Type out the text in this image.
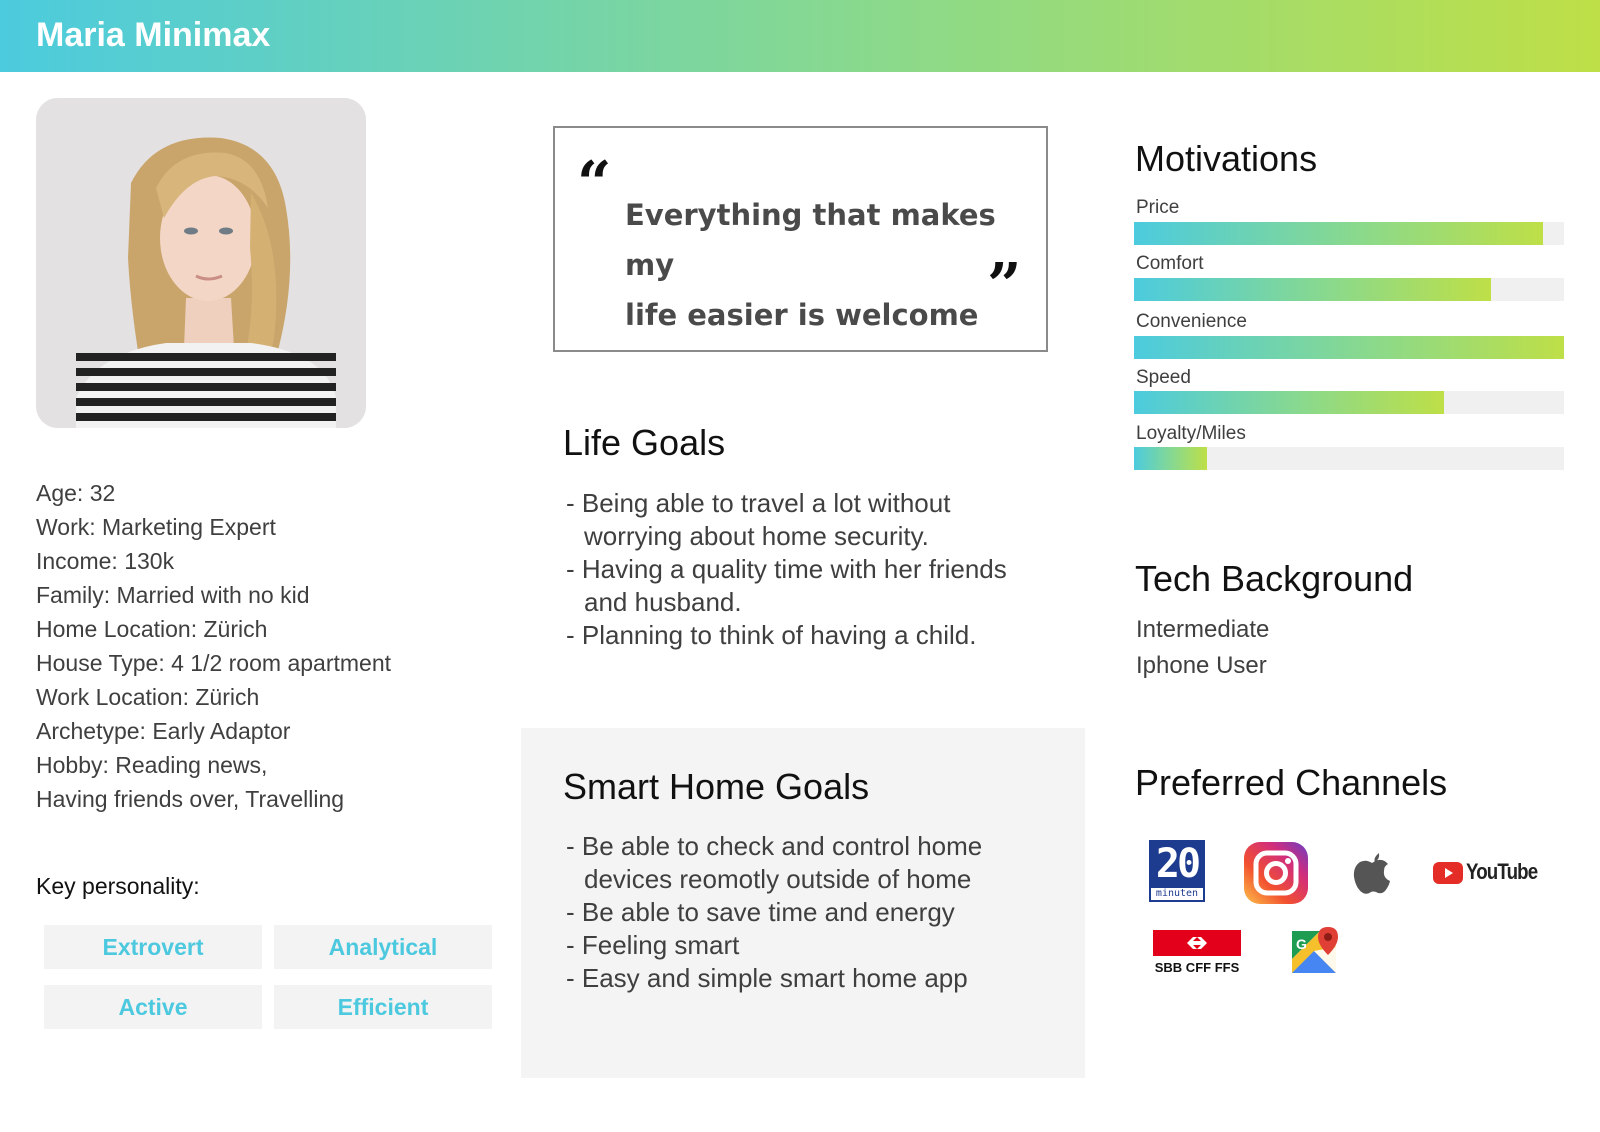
Maria Minimax
Age: 32
Work: Marketing Expert
Income: 130k
Family: Married with no kid
Home Location: Zürich
House Type: 4 1/2 room apartment
Work Location: Zürich
Archetype: Early Adaptor
Hobby: Reading news,
Having friends over, Travelling
Key personality:
Extrovert	Analytical
Active	Efficient
“ Everything that makes my
life easier is welcome ”
Life Goals
- Being able to travel a lot without worrying about home security.
- Having a quality time with her friends and husband.
- Planning to think of having a child.
Smart Home Goals
- Be able to check and control home devices reomotly outside of home
- Be able to save time and energy
- Feeling smart
- Easy and simple smart home app
Motivations
Price
Comfort
Convenience
Speed
Loyalty/Miles
Tech Background
Intermediate
Iphone User
Preferred Channels
20
minuten
YouTube
SBB CFF FFS
G
